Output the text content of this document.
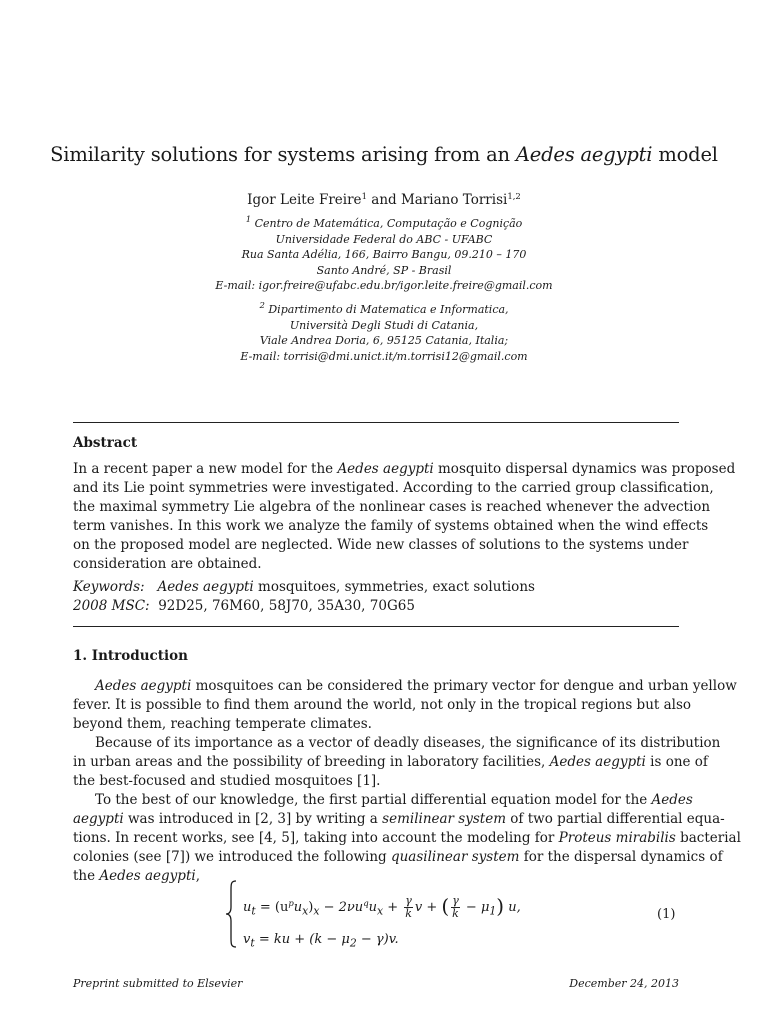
Similarity solutions for systems arising from an Aedes aegypti model
Igor Leite Freire$^1$ and Mariano Torrisi$^{1,2}$
$^1$ Centro de Matemática, Computação e Cognição
Universidade Federal do ABC - UFABC
Rua Santa Adélia, 166, Bairro Bangu, 09.210 – 170
Santo André, SP - Brasil
E-mail: igor.freire@ufabc.edu.br/igor.leite.freire@gmail.com
$^2$ Dipartimento di Matematica e Informatica,
Università Degli Studi di Catania,
Viale Andrea Doria, 6, 95125 Catania, Italia;
E-mail: torrisi@dmi.unict.it/m.torrisi12@gmail.com
Abstract
In a recent paper a new model for the Aedes aegypti mosquito dispersal dynamics was proposed
and its Lie point symmetries were investigated. According to the carried group classification,
the maximal symmetry Lie algebra of the nonlinear cases is reached whenever the advection
term vanishes. In this work we analyze the family of systems obtained when the wind effects
on the proposed model are neglected. Wide new classes of solutions to the systems under
consideration are obtained.
Keywords: Aedes aegypti mosquitoes, symmetries, exact solutions
2008 MSC: 92D25, 76M60, 58J70, 35A30, 70G65
1. Introduction
Aedes aegypti mosquitoes can be considered the primary vector for dengue and urban yellow
fever. It is possible to find them around the world, not only in the tropical regions but also
beyond them, reaching temperate climates.
Because of its importance as a vector of deadly diseases, the significance of its distribution
in urban areas and the possibility of breeding in laboratory facilities, Aedes aegypti is one of
the best-focused and studied mosquitoes [1].
To the best of our knowledge, the first partial differential equation model for the Aedes
aegypti was introduced in [2, 3] by writing a semilinear system of two partial differential equa-
tions. In recent works, see [4, 5], taking into account the modeling for Proteus mirabilis bacterial
colonies (see [7]) we introduced the following quasilinear system for the dispersal dynamics of
the Aedes aegypti,
$u_t = (u^pu_x)_x - 2\nu u^qu_x + \frac{\gamma}{k}$ v + ( $\frac{\gamma}{k} - \mu_1$) u,
$v_t$ = ku + $(k - \mu_2 - \gamma)v$.
(1)
Preprint submitted to Elsevier	December 24, 2013
